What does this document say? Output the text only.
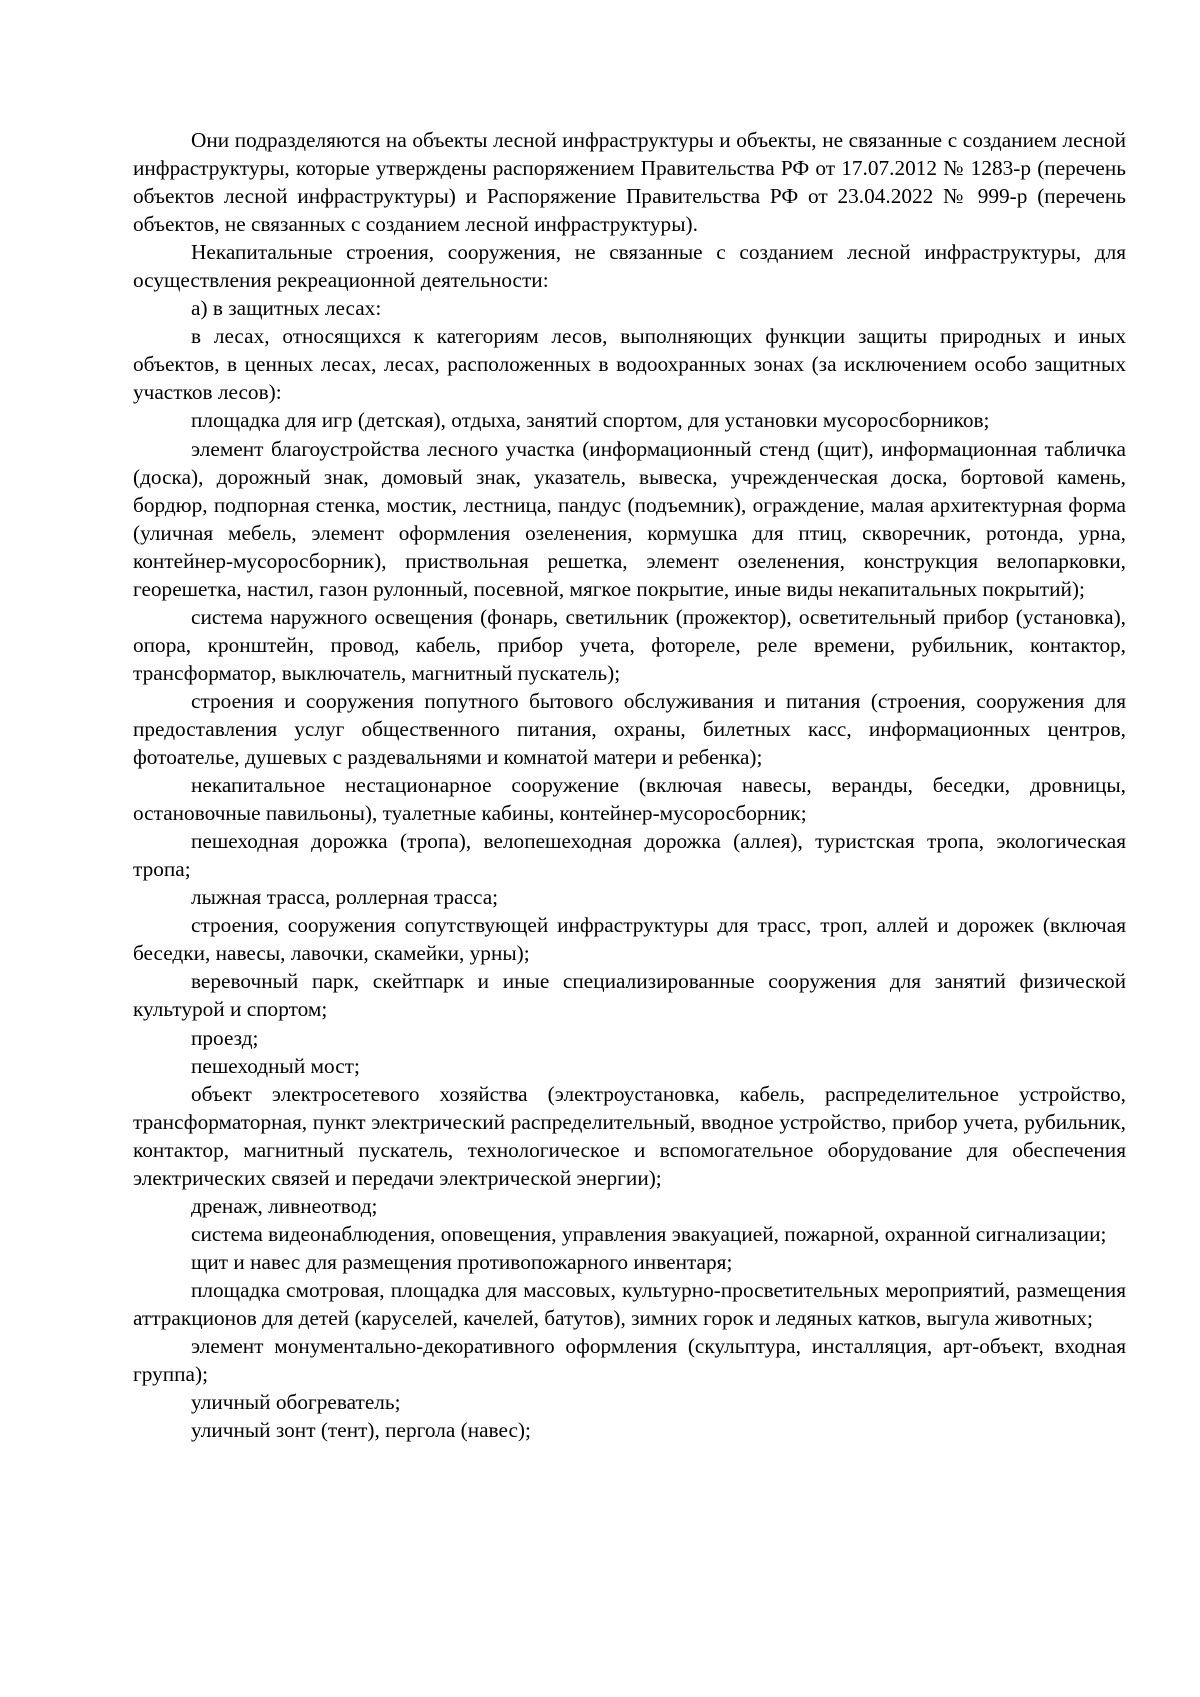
Они подразделяются на объекты лесной инфраструктуры и объекты, не связанные с созданием лесной инфраструктуры, которые утверждены распоряжением Правительства РФ от 17.07.2012 № 1283-р (перечень объектов лесной инфраструктуры) и Распоряжение Правительства РФ от 23.04.2022 № 999-р (перечень объектов, не связанных с созданием лесной инфраструктуры).

Некапитальные строения, сооружения, не связанные с созданием лесной инфраструктуры, для осуществления рекреационной деятельности:

а) в защитных лесах:

в лесах, относящихся к категориям лесов, выполняющих функции защиты природных и иных объектов, в ценных лесах, лесах, расположенных в водоохранных зонах (за исключением особо защитных участков лесов):

площадка для игр (детская), отдыха, занятий спортом, для установки мусоросборников;

элемент благоустройства лесного участка (информационный стенд (щит), информационная табличка (доска), дорожный знак, домовый знак, указатель, вывеска, учрежденческая доска, бортовой камень, бордюр, подпорная стенка, мостик, лестница, пандус (подъемник), ограждение, малая архитектурная форма (уличная мебель, элемент оформления озеленения, кормушка для птиц, скворечник, ротонда, урна, контейнер-мусоросборник), приствольная решетка, элемент озеленения, конструкция велопарковки, георешетка, настил, газон рулонный, посевной, мягкое покрытие, иные виды некапитальных покрытий);

система наружного освещения (фонарь, светильник (прожектор), осветительный прибор (установка), опора, кронштейн, провод, кабель, прибор учета, фотореле, реле времени, рубильник, контактор, трансформатор, выключатель, магнитный пускатель);

строения и сооружения попутного бытового обслуживания и питания (строения, сооружения для предоставления услуг общественного питания, охраны, билетных касс, информационных центров, фотоателье, душевых с раздевальнями и комнатой матери и ребенка);

некапитальное нестационарное сооружение (включая навесы, веранды, беседки, дровницы, остановочные павильоны), туалетные кабины, контейнер-мусоросборник;

пешеходная дорожка (тропа), велопешеходная дорожка (аллея), туристская тропа, экологическая тропа;

лыжная трасса, роллерная трасса;

строения, сооружения сопутствующей инфраструктуры для трасс, троп, аллей и дорожек (включая беседки, навесы, лавочки, скамейки, урны);

веревочный парк, скейтпарк и иные специализированные сооружения для занятий физической культурой и спортом;

проезд;

пешеходный мост;

объект электросетевого хозяйства (электроустановка, кабель, распределительное устройство, трансформаторная, пункт электрический распределительный, вводное устройство, прибор учета, рубильник, контактор, магнитный пускатель, технологическое и вспомогательное оборудование для обеспечения электрических связей и передачи электрической энергии);

дренаж, ливнеотвод;

система видеонаблюдения, оповещения, управления эвакуацией, пожарной, охранной сигнализации;

щит и навес для размещения противопожарного инвентаря;

площадка смотровая, площадка для массовых, культурно-просветительных мероприятий, размещения аттракционов для детей (каруселей, качелей, батутов), зимних горок и ледяных катков, выгула животных;

элемент монументально-декоративного оформления (скульптура, инсталляция, арт-объект, входная группа);

уличный обогреватель;

уличный зонт (тент), пергола (навес);
